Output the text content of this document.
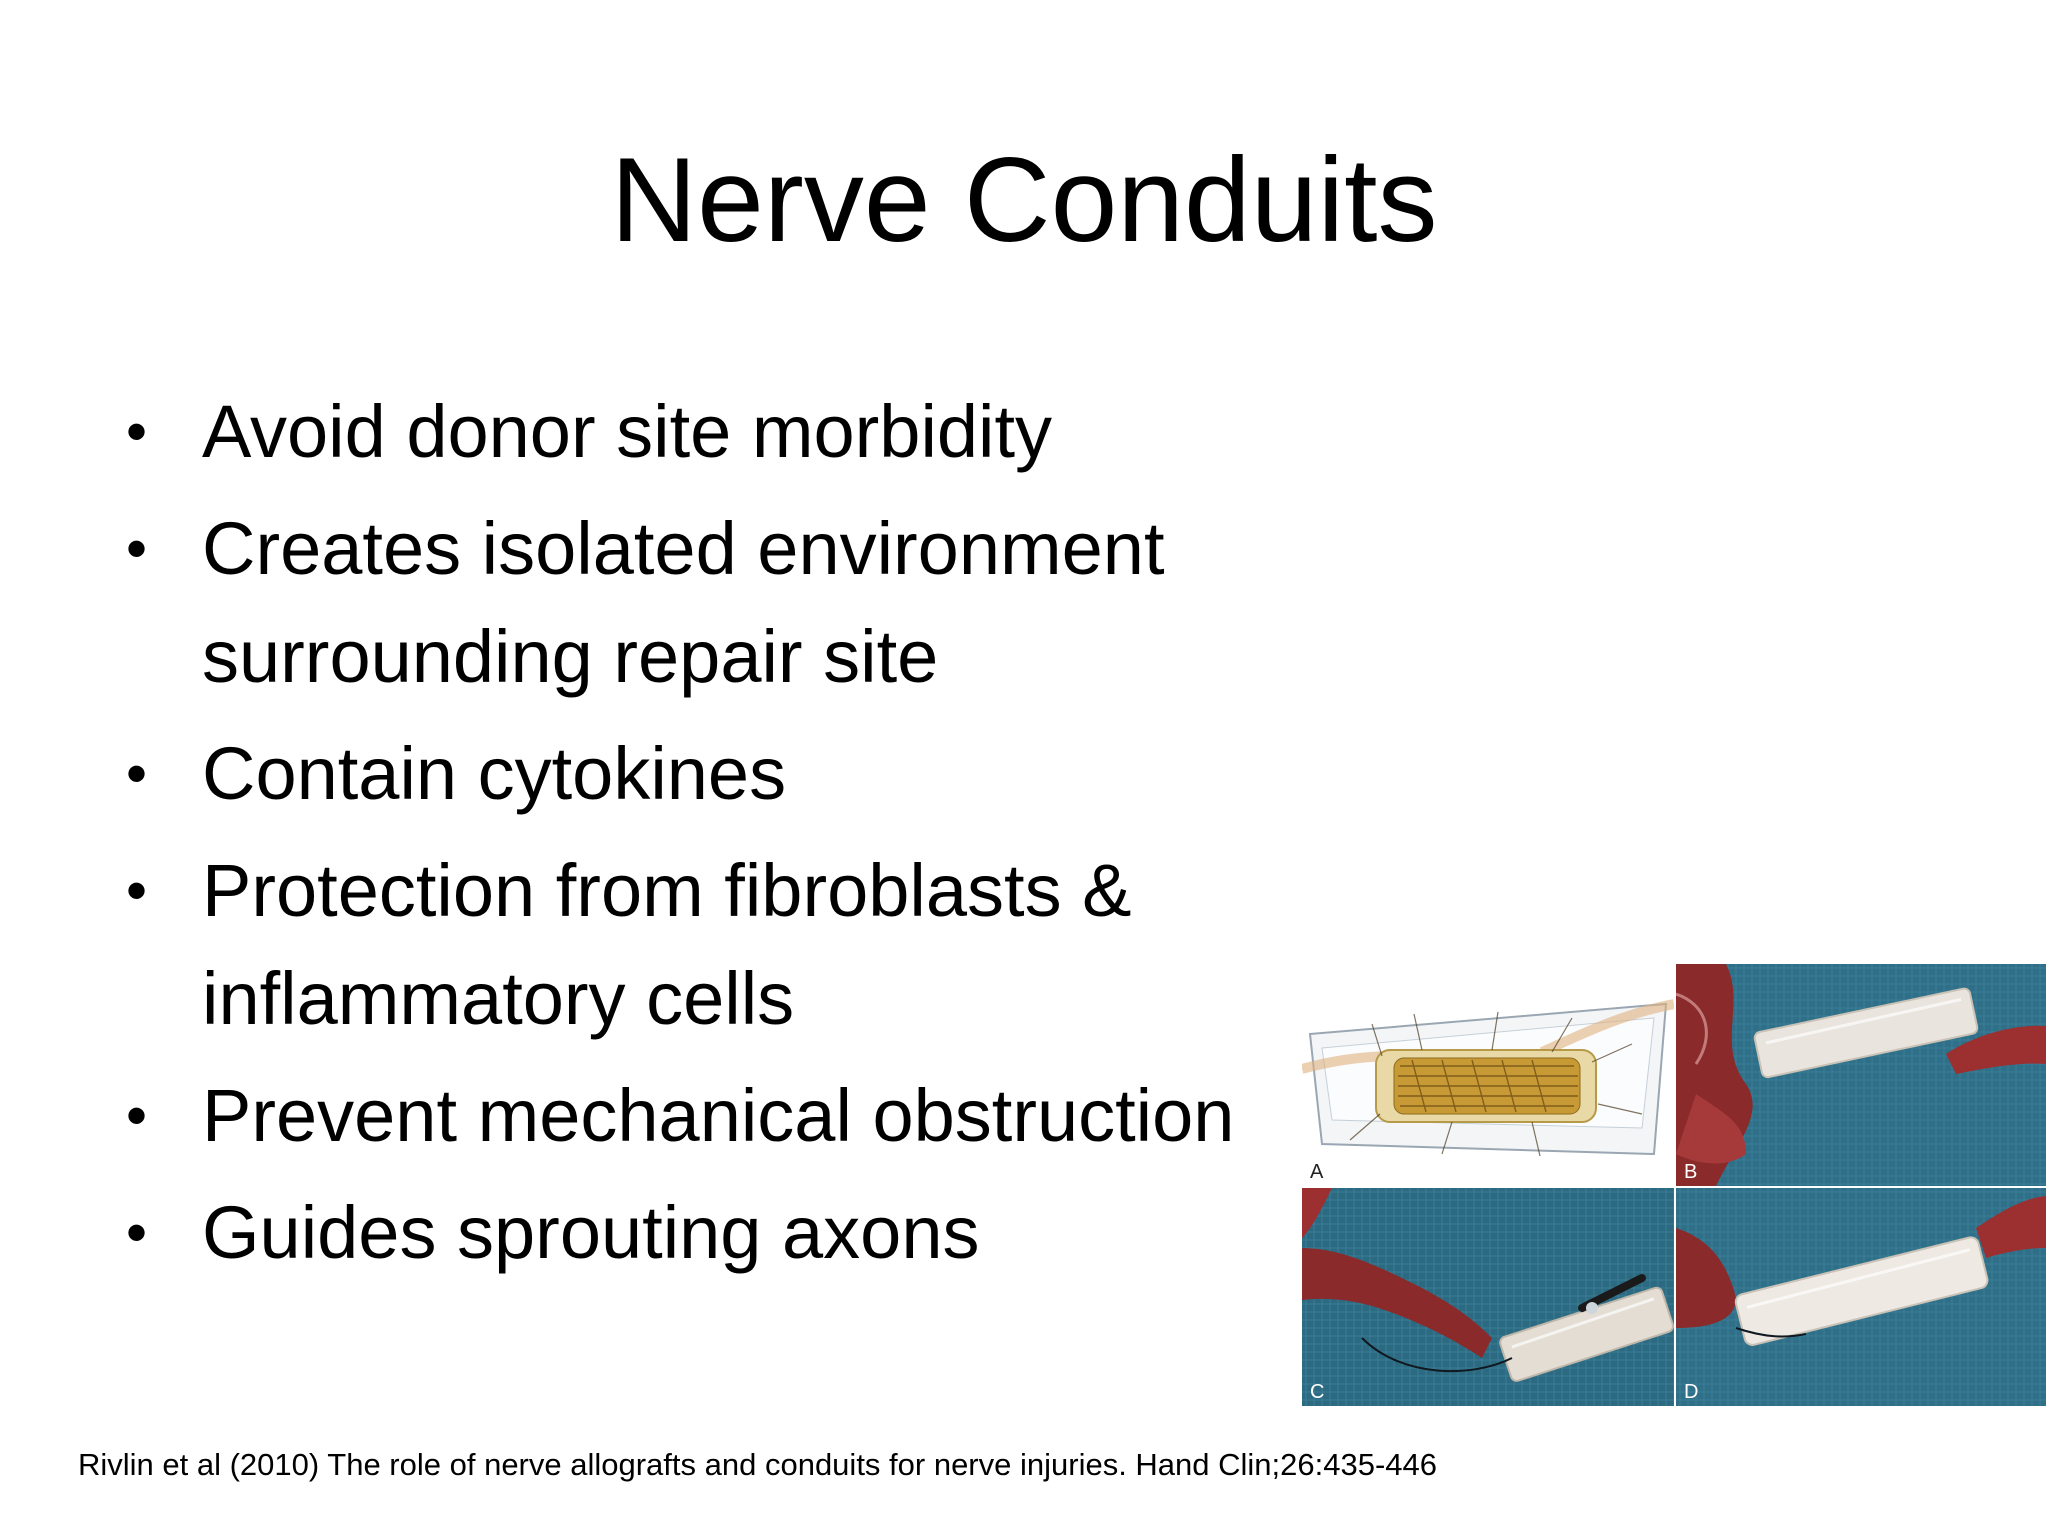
Nerve Conduits
• Avoid donor site morbidity
• Creates isolated environment
surrounding repair site
• Contain cytokines
• Protection from fibroblasts &
inflammatory cells
• Prevent mechanical obstruction
• Guides sprouting axons
A	B
C	D
Rivlin et al (2010) The role of nerve allografts and conduits for nerve injuries. Hand Clin;26:435-446
